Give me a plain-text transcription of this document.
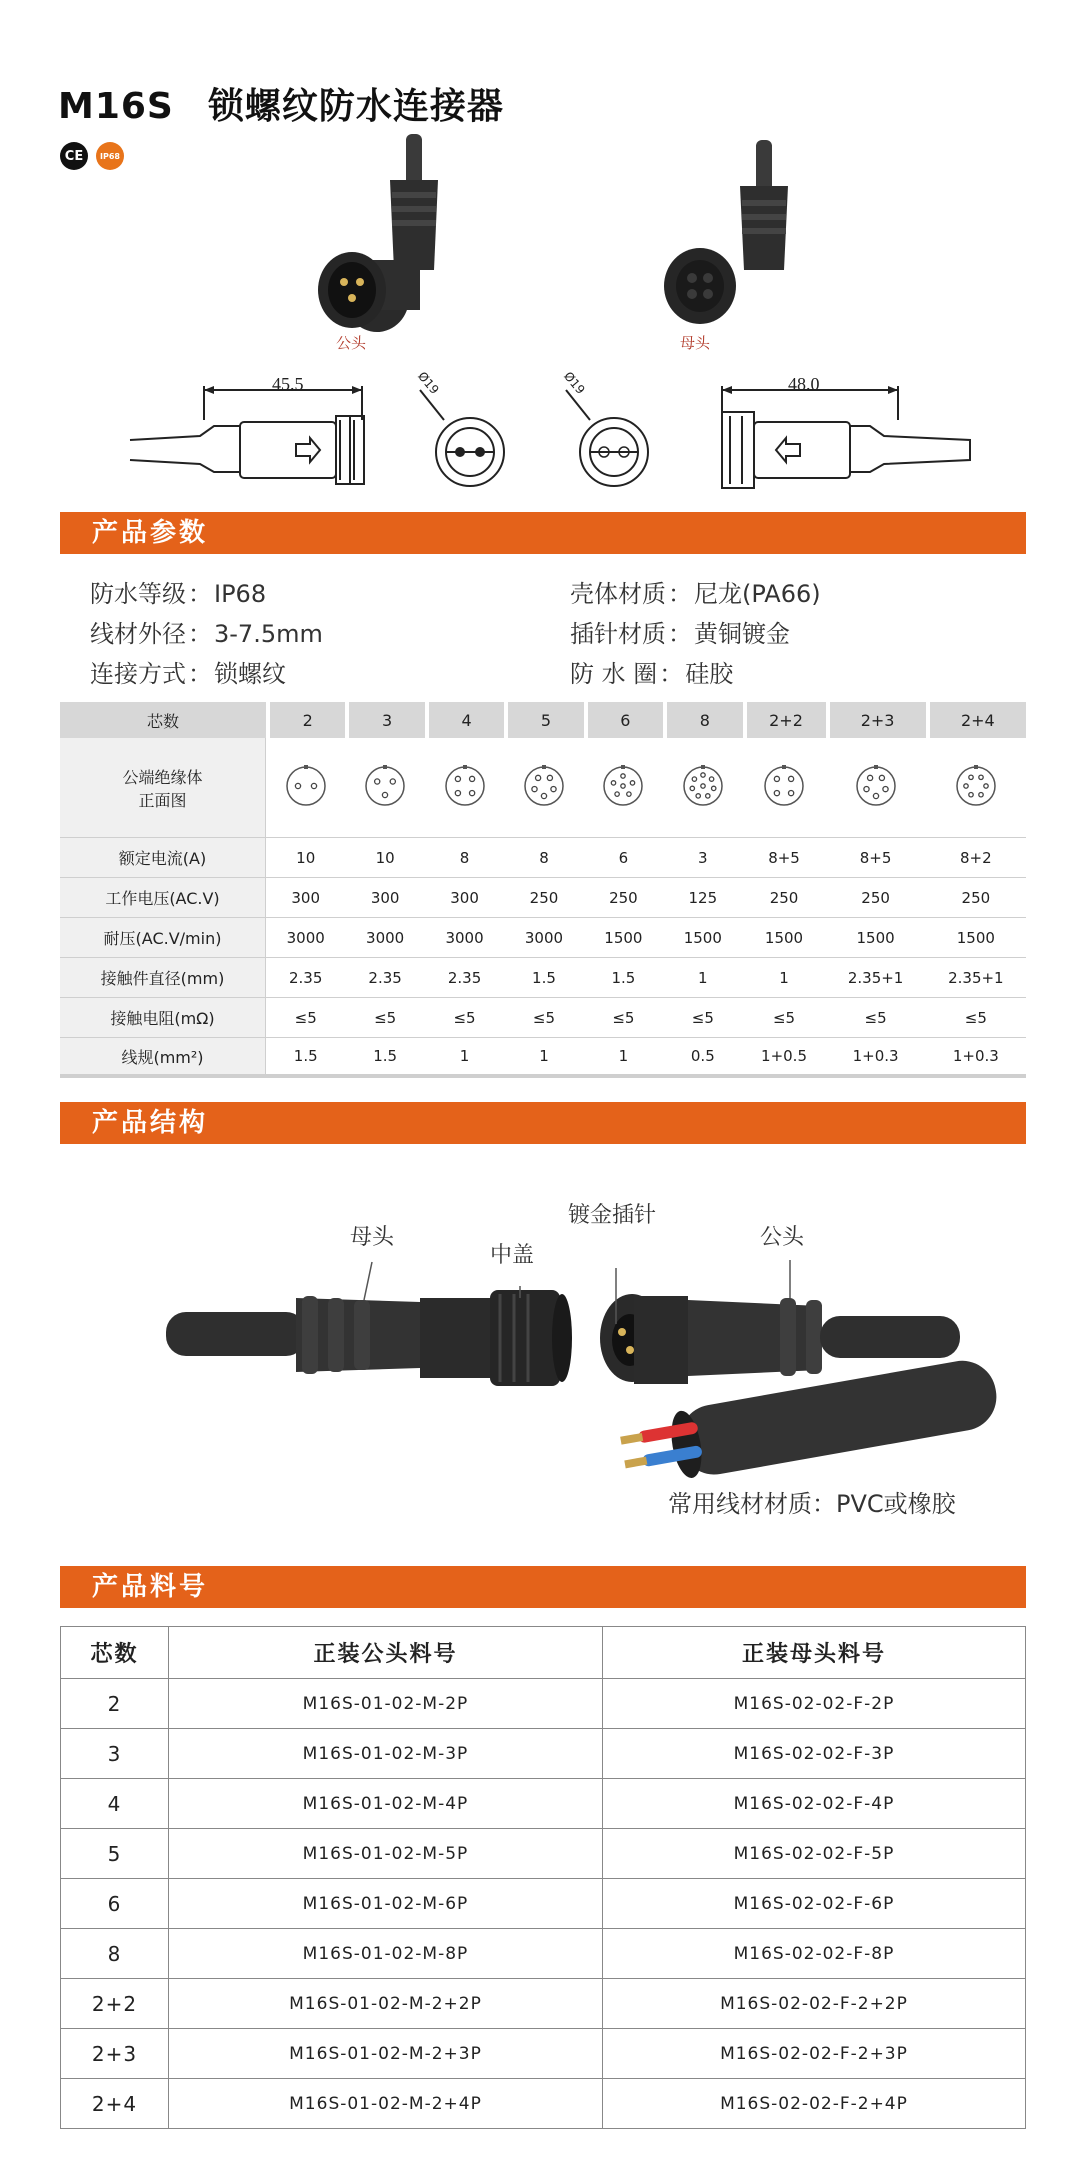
M16S 锁螺纹防水连接器
CE	IP68
公头	母头
45.5	48.0
Ø19	Ø19
产品参数
防水等级 ： IP68	壳体材质 ： 尼龙(PA66)
线材外径 ： 3-7.5mm	插针材质 ： 黄铜镀金
连接方式 ： 锁螺纹	防 水 圈 ： 硅胶
芯数	2	3	4	5	6	8	2+2	2+3	2+4
公端绝缘体
正面图									
额定电流(A)	10	10	8	8	6	3	8+5	8+5	8+2
工作电压(AC.V)	300	300	300	250	250	125	250	250	250
耐压(AC.V/min)	3000	3000	3000	3000	1500	1500	1500	1500	1500
接触件直径(mm)	2.35	2.35	2.35	1.5	1.5	1	1	2.35+1	2.35+1
接触电阻(mΩ)	≤5	≤5	≤5	≤5	≤5	≤5	≤5	≤5	≤5
线规(mm²)	1.5	1.5	1	1	1	0.5	1+0.5	1+0.3	1+0.3
产品结构
母头
中盖
镀金插针
公头
常用线材材质：PVC或橡胶
产品料号
芯数	正装公头料号	正装母头料号
2	M16S-01-02-M-2P	M16S-02-02-F-2P
3	M16S-01-02-M-3P	M16S-02-02-F-3P
4	M16S-01-02-M-4P	M16S-02-02-F-4P
5	M16S-01-02-M-5P	M16S-02-02-F-5P
6	M16S-01-02-M-6P	M16S-02-02-F-6P
8	M16S-01-02-M-8P	M16S-02-02-F-8P
2+2	M16S-01-02-M-2+2P	M16S-02-02-F-2+2P
2+3	M16S-01-02-M-2+3P	M16S-02-02-F-2+3P
2+4	M16S-01-02-M-2+4P	M16S-02-02-F-2+4P
